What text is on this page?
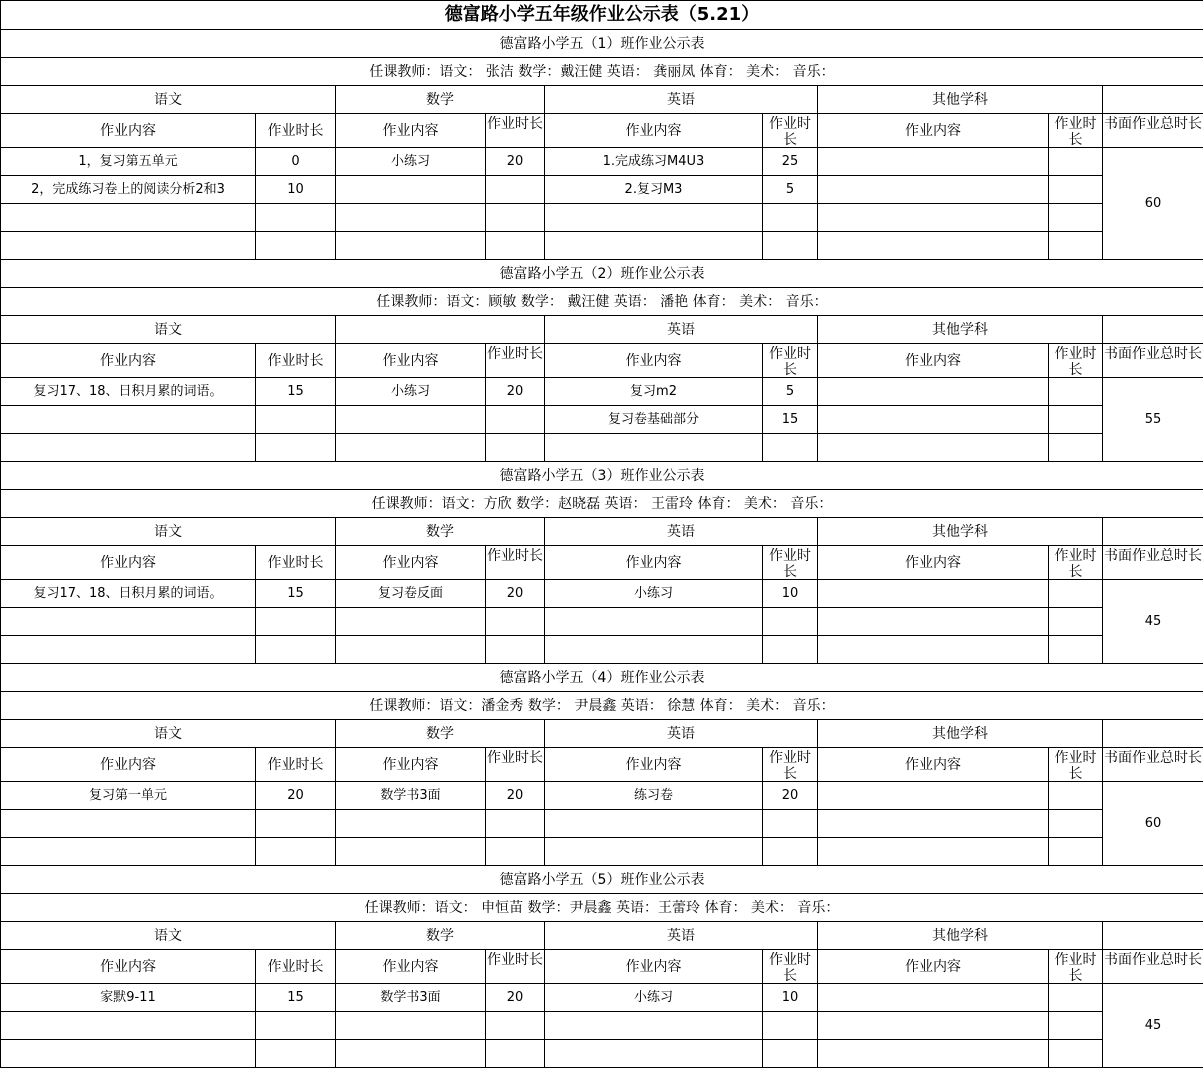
德富路小学五年级作业公示表（5.21）								
德富路小学五（1）班作业公示表								
任课教师：语文： 张洁 数学：戴汪健 英语： 龚丽凤 体育： 美术： 音乐：								
语文		数学		英语		其他学科		
作业内容	作业时长	作业内容	作业时长	作业内容	作业时长	作业内容	作业时长	书面作业总时长

1，复习第五单元	0	小练习	20	1.完成练习M4U3	25			60
2，完成练习卷上的阅读分析2和3	10			2.复习M3	5			

德富路小学五（2）班作业公示表								
任课教师：语文：顾敏 数学： 戴汪健 英语： 潘艳 体育： 美术： 音乐：								
语文				英语		其他学科		
作业内容	作业时长	作业内容	作业时长	作业内容	作业时长	作业内容	作业时长	书面作业总时长

复习17、18、日积月累的词语。	15	小练习	20	复习m2	5			55
				复习卷基础部分	15			

德富路小学五（3）班作业公示表								
任课教师：语文：方欣 数学：赵晓磊 英语： 王雷玲 体育： 美术： 音乐：								
语文		数学		英语		其他学科		
作业内容	作业时长	作业内容	作业时长	作业内容	作业时长	作业内容	作业时长	书面作业总时长

复习17、18、日积月累的词语。	15	复习卷反面	20	小练习	10			45

德富路小学五（4）班作业公示表								
任课教师：语文：潘金秀 数学： 尹晨鑫 英语： 徐慧 体育： 美术： 音乐：								
语文		数学		英语		其他学科		
作业内容	作业时长	作业内容	作业时长	作业内容	作业时长	作业内容	作业时长	书面作业总时长

复习第一单元	20	数学书3面	20	练习卷	20			60

德富路小学五（5）班作业公示表								
任课教师：语文： 申恒苗 数学：尹晨鑫 英语：王蕾玲 体育： 美术： 音乐：								
语文		数学		英语		其他学科		
作业内容	作业时长	作业内容	作业时长	作业内容	作业时长	作业内容	作业时长	书面作业总时长

家默9-11	15	数学书3面	20	小练习	10			45
